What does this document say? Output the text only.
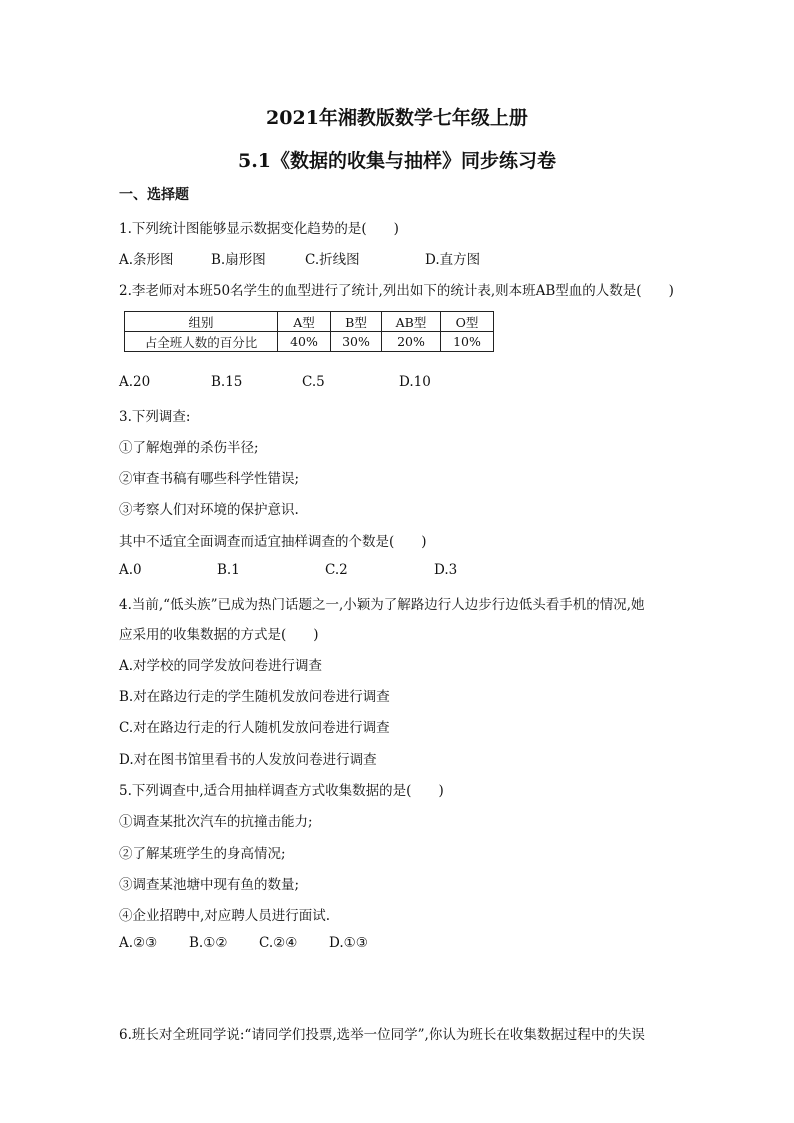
2021年湘教版数学七年级上册
5.1《数据的收集与抽样》同步练习卷
一、选择题
1.下列统计图能够显示数据变化趋势的是(　　)
A.条形图	B.扇形图	C.折线图	D.直方图
2.李老师对本班50名学生的血型进行了统计,列出如下的统计表,则本班AB型血的人数是(　　)
组别	A型	B型	AB型	O型
占全班人数的百分比	40%	30%	20%	10%
A.20	B.15	C.5	D.10
3.下列调查:
①了解炮弹的杀伤半径;
②审查书稿有哪些科学性错误;
③考察人们对环境的保护意识.
其中不适宜全面调查而适宜抽样调查的个数是(　　)
A.0	B.1	C.2	D.3
4.当前,“低头族”已成为热门话题之一,小颖为了解路边行人边步行边低头看手机的情况,她
应采用的收集数据的方式是(　　)
A.对学校的同学发放问卷进行调查
B.对在路边行走的学生随机发放问卷进行调查
C.对在路边行走的行人随机发放问卷进行调查
D.对在图书馆里看书的人发放问卷进行调查
5.下列调查中,适合用抽样调查方式收集数据的是(　　)
①调查某批次汽车的抗撞击能力;
②了解某班学生的身高情况;
③调查某池塘中现有鱼的数量;
④企业招聘中,对应聘人员进行面试.
A.②③ B.①② C.②④ D.①③
6.班长对全班同学说:“请同学们投票,选举一位同学”,你认为班长在收集数据过程中的失误
